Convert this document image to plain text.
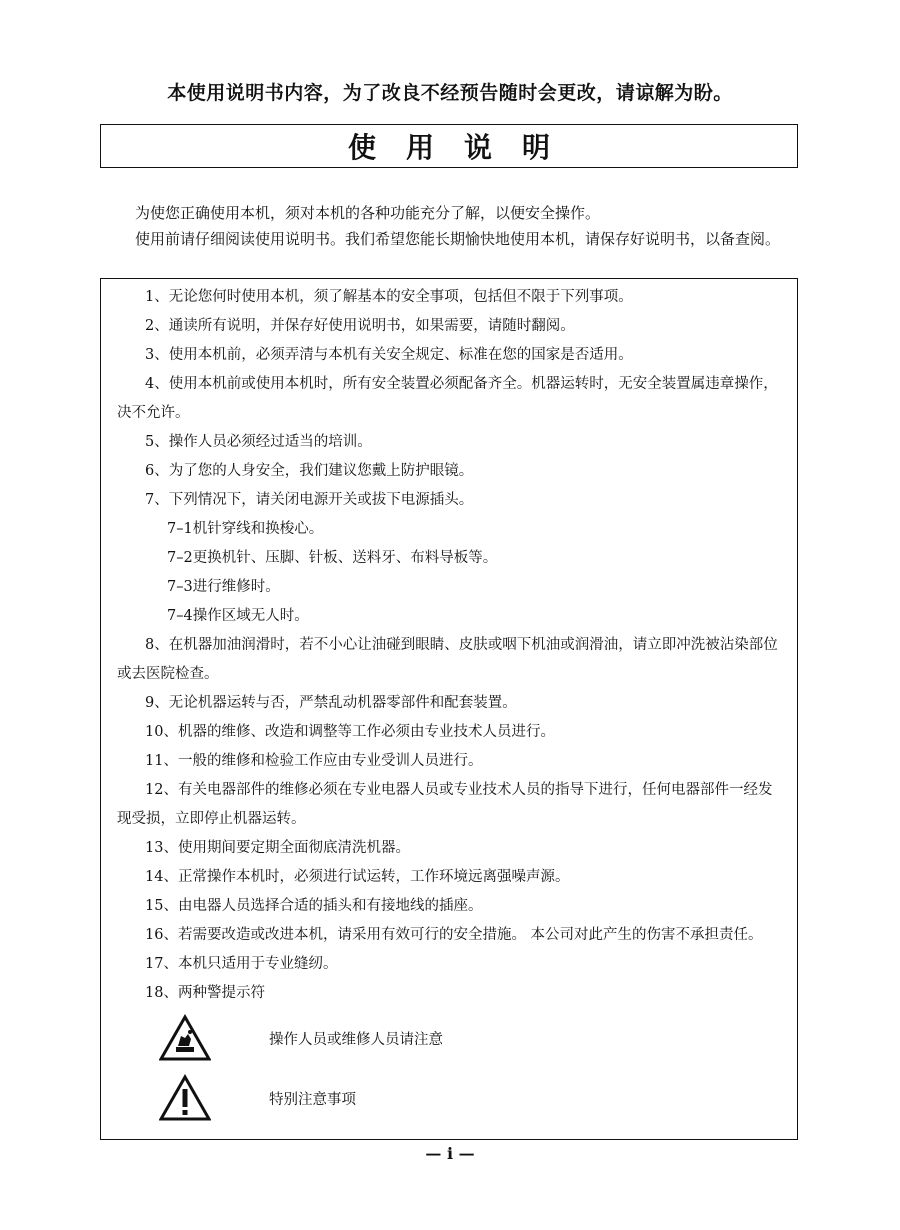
本使用说明书内容，为了改良不经预告随时会更改，请谅解为盼。
使用说明

为使您正确使用本机，须对本机的各种功能充分了解，以便安全操作。

使用前请仔细阅读使用说明书。我们希望您能长期愉快地使用本机，请保存好说明书，以备查阅。

1、无论您何时使用本机，须了解基本的安全事项，包括但不限于下列事项。
2、通读所有说明，并保存好使用说明书，如果需要，请随时翻阅。
3、使用本机前，必须弄清与本机有关安全规定、标准在您的国家是否适用。
4、使用本机前或使用本机时，所有安全装置必须配备齐全。机器运转时，无安全装置属违章操作，决不允许。
5、操作人员必须经过适当的培训。
6、为了您的人身安全，我们建议您戴上防护眼镜。
7、下列情况下，请关闭电源开关或拔下电源插头。
7–1机针穿线和换梭心。
7–2更换机针、压脚、针板、送料牙、布料导板等。
7–3进行维修时。
7–4操作区域无人时。
8、在机器加油润滑时，若不小心让油碰到眼睛、皮肤或咽下机油或润滑油，请立即冲洗被沾染部位或去医院检查。
9、无论机器运转与否，严禁乱动机器零部件和配套装置。
10、机器的维修、改造和调整等工作必须由专业技术人员进行。
11、一般的维修和检验工作应由专业受训人员进行。
12、有关电器部件的维修必须在专业电器人员或专业技术人员的指导下进行，任何电器部件一经发现受损，立即停止机器运转。
13、使用期间要定期全面彻底清洗机器。
14、正常操作本机时，必须进行试运转，工作环境远离强噪声源。
15、由电器人员选择合适的插头和有接地线的插座。
16、若需要改造或改进本机，请采用有效可行的安全措施。 本公司对此产生的伤害不承担责任。
17、本机只适用于专业缝纫。
18、两种警提示符
操作人员或维修人员请注意
特别注意事项
— i —
